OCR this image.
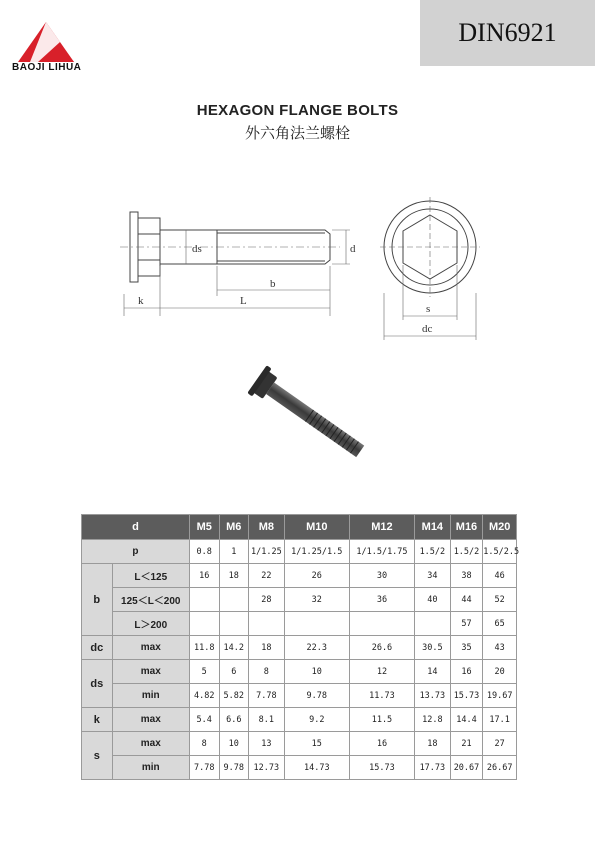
BAOJI LIHUA
DIN6921
HEXAGON FLANGE BOLTS
外六角法兰螺栓
ds	d
b
k	L
s
dc
d		M5	M6	M8	M10	M12	M14	M16	M20
p		0.8	1	1/1.25	1/1.25/1.5	1/1.5/1.75	1.5/2	1.5/2	1.5/2.5
b	L＜125	16	18	22	26	30	34	38	46
	125＜L＜200			28	32	36	40	44	52
	L＞200							57	65
dc	max	11.8	14.2	18	22.3	26.6	30.5	35	43
ds	max	5	6	8	10	12	14	16	20
	min	4.82	5.82	7.78	9.78	11.73	13.73	15.73	19.67
k	max	5.4	6.6	8.1	9.2	11.5	12.8	14.4	17.1
s	max	8	10	13	15	16	18	21	27
	min	7.78	9.78	12.73	14.73	15.73	17.73	20.67	26.67
